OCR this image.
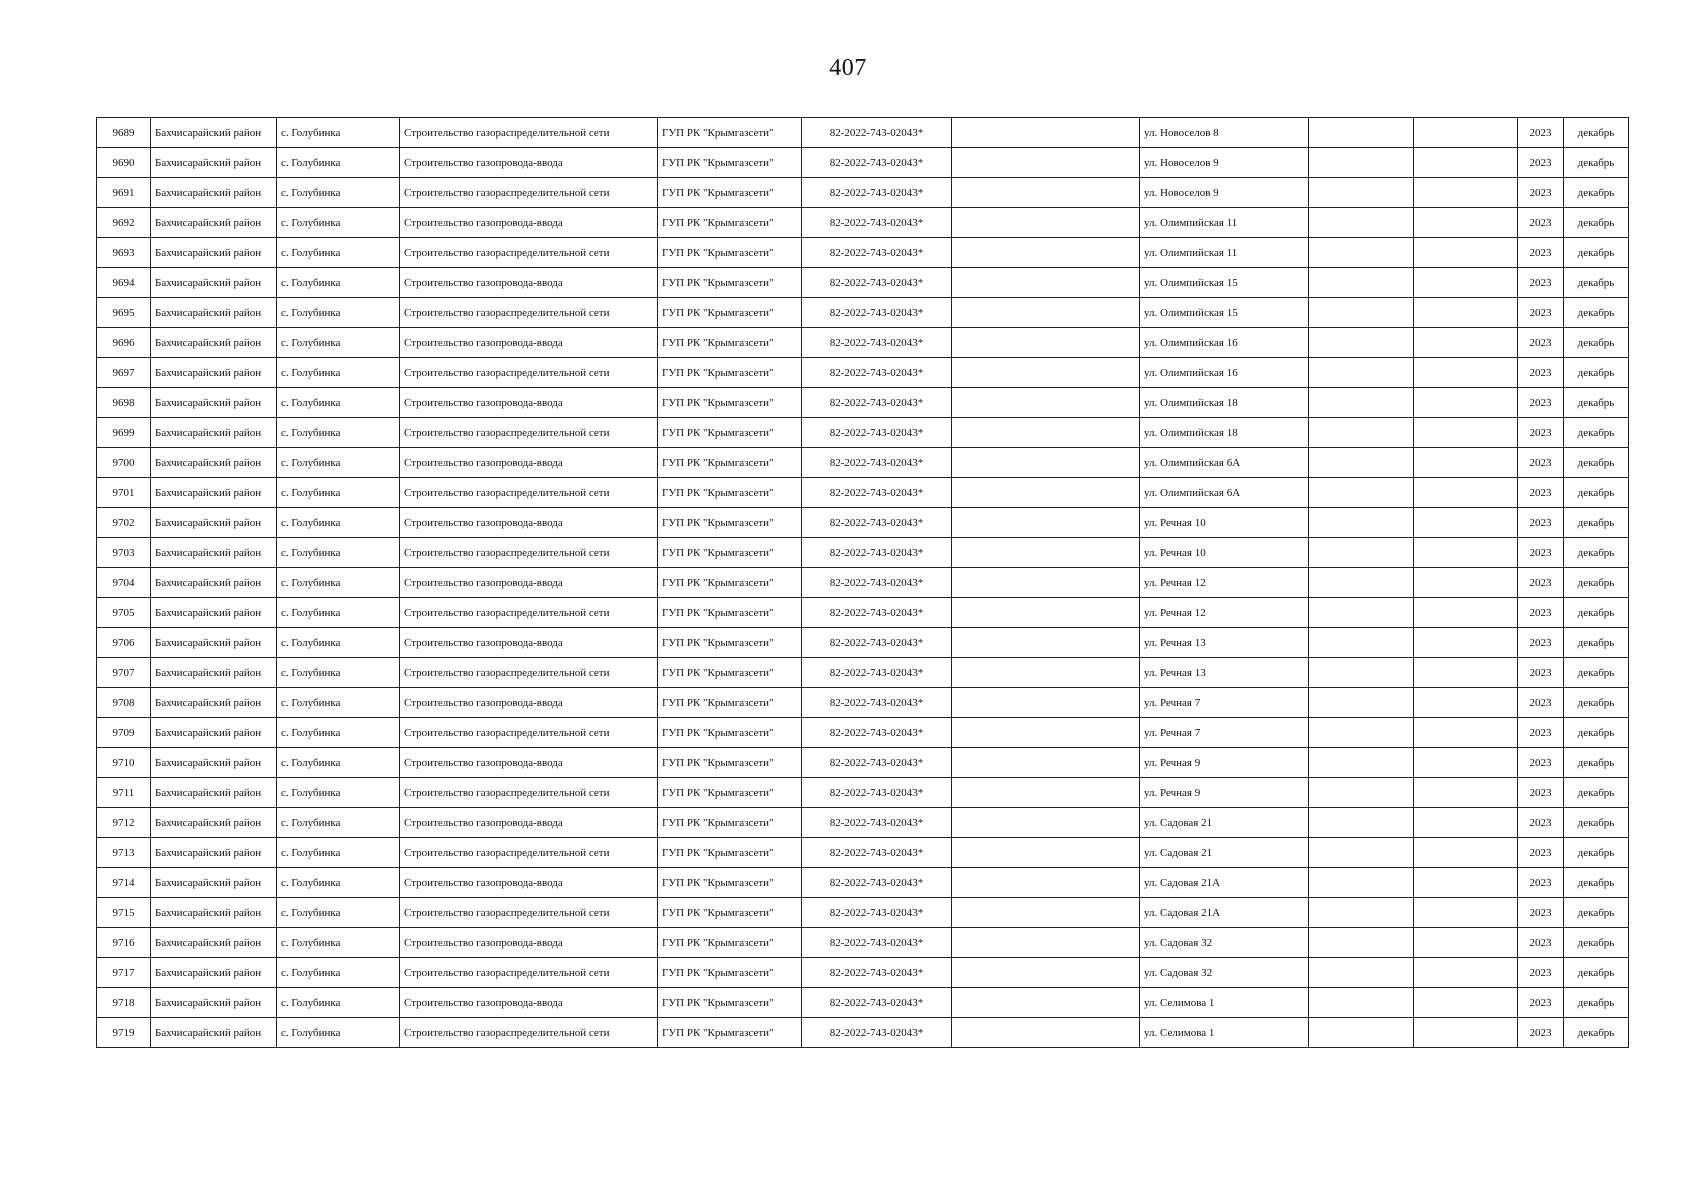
407
9689	Бахчисарайский район	с. Голубинка	Строительство газораспределительной сети	ГУП РК "Крымгазсети"	82-2022-743-02043*		ул. Новоселов 8			2023	декабрь
9690	Бахчисарайский район	с. Голубинка	Строительство газопровода-ввода	ГУП РК "Крымгазсети"	82-2022-743-02043*		ул. Новоселов 9			2023	декабрь
9691	Бахчисарайский район	с. Голубинка	Строительство газораспределительной сети	ГУП РК "Крымгазсети"	82-2022-743-02043*		ул. Новоселов 9			2023	декабрь
9692	Бахчисарайский район	с. Голубинка	Строительство газопровода-ввода	ГУП РК "Крымгазсети"	82-2022-743-02043*		ул. Олимпийская 11			2023	декабрь
9693	Бахчисарайский район	с. Голубинка	Строительство газораспределительной сети	ГУП РК "Крымгазсети"	82-2022-743-02043*		ул. Олимпийская 11			2023	декабрь
9694	Бахчисарайский район	с. Голубинка	Строительство газопровода-ввода	ГУП РК "Крымгазсети"	82-2022-743-02043*		ул. Олимпийская 15			2023	декабрь
9695	Бахчисарайский район	с. Голубинка	Строительство газораспределительной сети	ГУП РК "Крымгазсети"	82-2022-743-02043*		ул. Олимпийская 15			2023	декабрь
9696	Бахчисарайский район	с. Голубинка	Строительство газопровода-ввода	ГУП РК "Крымгазсети"	82-2022-743-02043*		ул. Олимпийская 16			2023	декабрь
9697	Бахчисарайский район	с. Голубинка	Строительство газораспределительной сети	ГУП РК "Крымгазсети"	82-2022-743-02043*		ул. Олимпийская 16			2023	декабрь
9698	Бахчисарайский район	с. Голубинка	Строительство газопровода-ввода	ГУП РК "Крымгазсети"	82-2022-743-02043*		ул. Олимпийская 18			2023	декабрь
9699	Бахчисарайский район	с. Голубинка	Строительство газораспределительной сети	ГУП РК "Крымгазсети"	82-2022-743-02043*		ул. Олимпийская 18			2023	декабрь
9700	Бахчисарайский район	с. Голубинка	Строительство газопровода-ввода	ГУП РК "Крымгазсети"	82-2022-743-02043*		ул. Олимпийская 6А			2023	декабрь
9701	Бахчисарайский район	с. Голубинка	Строительство газораспределительной сети	ГУП РК "Крымгазсети"	82-2022-743-02043*		ул. Олимпийская 6А			2023	декабрь
9702	Бахчисарайский район	с. Голубинка	Строительство газопровода-ввода	ГУП РК "Крымгазсети"	82-2022-743-02043*		ул. Речная 10			2023	декабрь
9703	Бахчисарайский район	с. Голубинка	Строительство газораспределительной сети	ГУП РК "Крымгазсети"	82-2022-743-02043*		ул. Речная 10			2023	декабрь
9704	Бахчисарайский район	с. Голубинка	Строительство газопровода-ввода	ГУП РК "Крымгазсети"	82-2022-743-02043*		ул. Речная 12			2023	декабрь
9705	Бахчисарайский район	с. Голубинка	Строительство газораспределительной сети	ГУП РК "Крымгазсети"	82-2022-743-02043*		ул. Речная 12			2023	декабрь
9706	Бахчисарайский район	с. Голубинка	Строительство газопровода-ввода	ГУП РК "Крымгазсети"	82-2022-743-02043*		ул. Речная 13			2023	декабрь
9707	Бахчисарайский район	с. Голубинка	Строительство газораспределительной сети	ГУП РК "Крымгазсети"	82-2022-743-02043*		ул. Речная 13			2023	декабрь
9708	Бахчисарайский район	с. Голубинка	Строительство газопровода-ввода	ГУП РК "Крымгазсети"	82-2022-743-02043*		ул. Речная 7			2023	декабрь
9709	Бахчисарайский район	с. Голубинка	Строительство газораспределительной сети	ГУП РК "Крымгазсети"	82-2022-743-02043*		ул. Речная 7			2023	декабрь
9710	Бахчисарайский район	с. Голубинка	Строительство газопровода-ввода	ГУП РК "Крымгазсети"	82-2022-743-02043*		ул. Речная 9			2023	декабрь
9711	Бахчисарайский район	с. Голубинка	Строительство газораспределительной сети	ГУП РК "Крымгазсети"	82-2022-743-02043*		ул. Речная 9			2023	декабрь
9712	Бахчисарайский район	с. Голубинка	Строительство газопровода-ввода	ГУП РК "Крымгазсети"	82-2022-743-02043*		ул. Садовая 21			2023	декабрь
9713	Бахчисарайский район	с. Голубинка	Строительство газораспределительной сети	ГУП РК "Крымгазсети"	82-2022-743-02043*		ул. Садовая 21			2023	декабрь
9714	Бахчисарайский район	с. Голубинка	Строительство газопровода-ввода	ГУП РК "Крымгазсети"	82-2022-743-02043*		ул. Садовая 21А			2023	декабрь
9715	Бахчисарайский район	с. Голубинка	Строительство газораспределительной сети	ГУП РК "Крымгазсети"	82-2022-743-02043*		ул. Садовая 21А			2023	декабрь
9716	Бахчисарайский район	с. Голубинка	Строительство газопровода-ввода	ГУП РК "Крымгазсети"	82-2022-743-02043*		ул. Садовая 32			2023	декабрь
9717	Бахчисарайский район	с. Голубинка	Строительство газораспределительной сети	ГУП РК "Крымгазсети"	82-2022-743-02043*		ул. Садовая 32			2023	декабрь
9718	Бахчисарайский район	с. Голубинка	Строительство газопровода-ввода	ГУП РК "Крымгазсети"	82-2022-743-02043*		ул. Селимова 1			2023	декабрь
9719	Бахчисарайский район	с. Голубинка	Строительство газораспределительной сети	ГУП РК "Крымгазсети"	82-2022-743-02043*		ул. Селимова 1			2023	декабрь
